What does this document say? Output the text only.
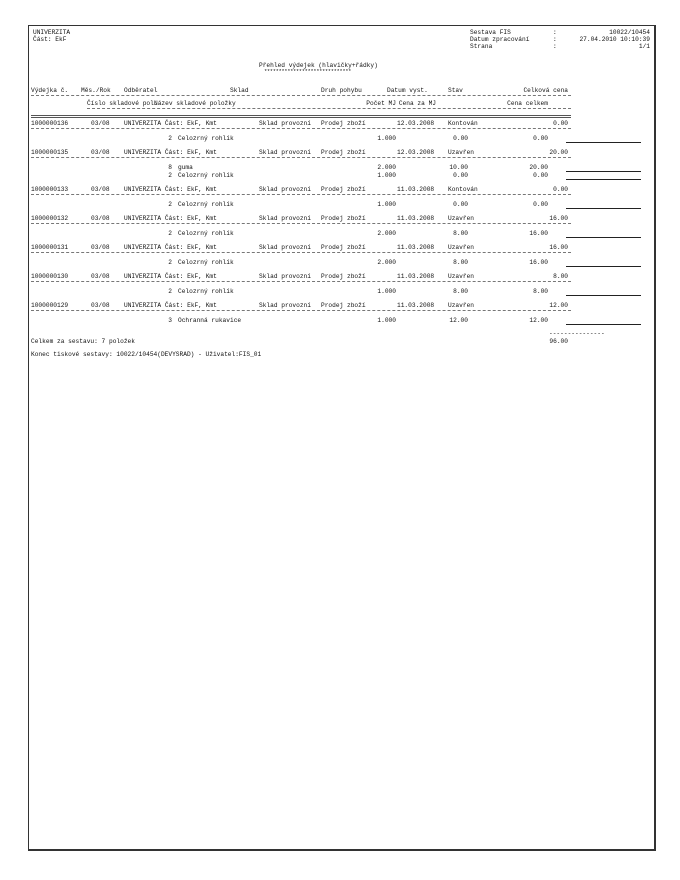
UNIVERZITA
Část: EkF
Sestava FIS	:	10022/10454
Datum zpracování	:	27.04.2010 10:10:39
Strana	:	1/1
Přehled výdejek (hlavičky+řádky)
******************************
Výdejka č. Měs./Rok Odběratel	Sklad	Druh pohybu	Datum vyst.	Stav	Celková cena
Číslo skladové pol.
Název skladové položky	Počet MJ Cena za MJ	Cena celkem
1000000136	03/08 UNIVERZITA Část: EkF, Kmt	Sklad provozní Prodej zboží	12.03.2008 Kontován	0.00
2 Celozrný rohlík	1.000	0.00	0.00
1000000135	03/08 UNIVERZITA Část: EkF, Kmt	Sklad provozní Prodej zboží	12.03.2008 Uzavřen	20.00
8 guma	2.000	10.00	20.00
2 Celozrný rohlík	1.000	0.00	0.00
1000000133	03/08 UNIVERZITA Část: EkF, Kmt	Sklad provozní Prodej zboží	11.03.2008 Kontován	0.00
2 Celozrný rohlík	1.000	0.00	0.00
1000000132	03/08 UNIVERZITA Část: EkF, Kmt	Sklad provozní Prodej zboží	11.03.2008 Uzavřen	16.00
2 Celozrný rohlík	2.000	8.00	16.00
1000000131	03/08 UNIVERZITA Část: EkF, Kmt	Sklad provozní Prodej zboží	11.03.2008 Uzavřen	16.00
2 Celozrný rohlík	2.000	8.00	16.00
1000000130	03/08 UNIVERZITA Část: EkF, Kmt	Sklad provozní Prodej zboží	11.03.2008 Uzavřen	8.00
2 Celozrný rohlík	1.000	8.00	8.00
1000000129	03/08 UNIVERZITA Část: EkF, Kmt	Sklad provozní Prodej zboží	11.03.2008 Uzavřen	12.00
3 Ochranná rukavice	1.000	12.00	12.00
---------------
Celkem za sestavu: 7 položek	96.00
Konec tiskové sestavy: 10022/10454(DEVYSRAD) - Uživatel:FIS_01
